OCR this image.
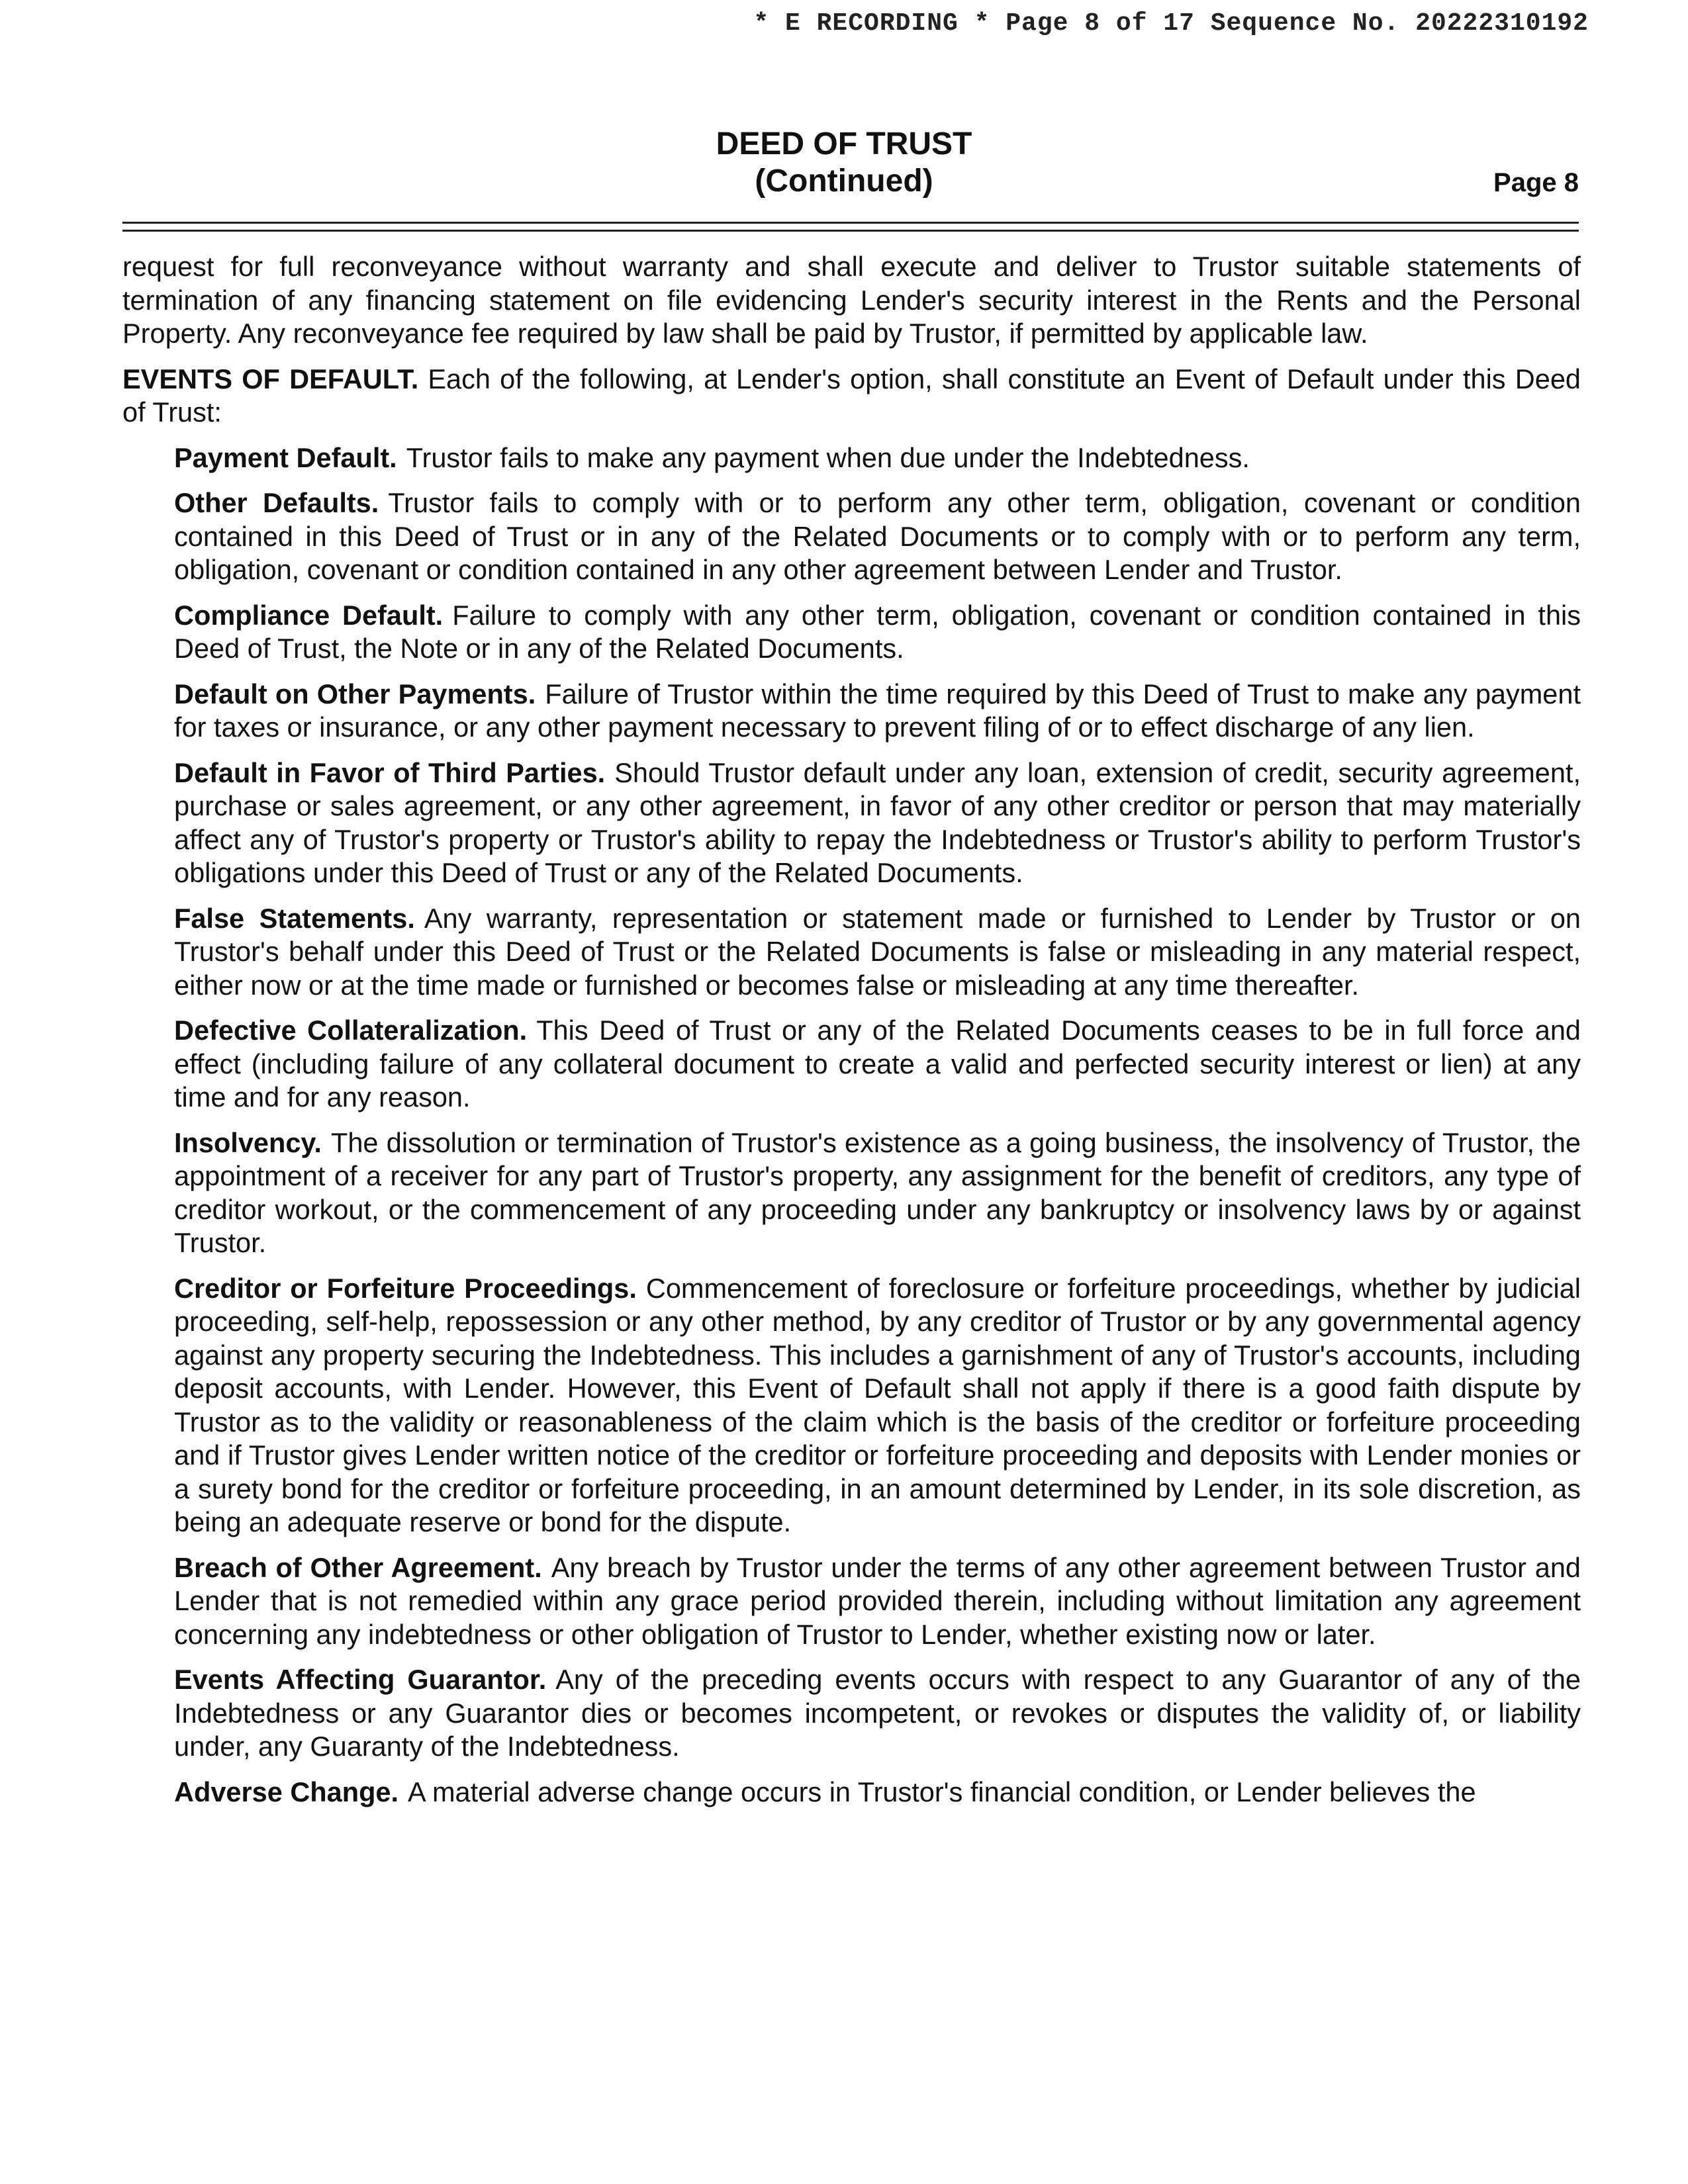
* E RECORDING * Page 8 of 17 Sequence No. 20222310192
DEED OF TRUST
(Continued)	Page 8

request for full reconveyance without warranty and shall execute and deliver to Trustor suitable statements of termination of any financing statement on file evidencing Lender's security interest in the Rents and the Personal Property. Any reconveyance fee required by law shall be paid by Trustor, if permitted by applicable law.

EVENTS OF DEFAULT. Each of the following, at Lender's option, shall constitute an Event of Default under this Deed of Trust:

Payment Default. Trustor fails to make any payment when due under the Indebtedness.

Other Defaults. Trustor fails to comply with or to perform any other term, obligation, covenant or condition contained in this Deed of Trust or in any of the Related Documents or to comply with or to perform any term, obligation, covenant or condition contained in any other agreement between Lender and Trustor.

Compliance Default. Failure to comply with any other term, obligation, covenant or condition contained in this Deed of Trust, the Note or in any of the Related Documents.

Default on Other Payments. Failure of Trustor within the time required by this Deed of Trust to make any payment for taxes or insurance, or any other payment necessary to prevent filing of or to effect discharge of any lien.

Default in Favor of Third Parties. Should Trustor default under any loan, extension of credit, security agreement, purchase or sales agreement, or any other agreement, in favor of any other creditor or person that may materially affect any of Trustor's property or Trustor's ability to repay the Indebtedness or Trustor's ability to perform Trustor's obligations under this Deed of Trust or any of the Related Documents.

False Statements. Any warranty, representation or statement made or furnished to Lender by Trustor or on Trustor's behalf under this Deed of Trust or the Related Documents is false or misleading in any material respect, either now or at the time made or furnished or becomes false or misleading at any time thereafter.

Defective Collateralization. This Deed of Trust or any of the Related Documents ceases to be in full force and effect (including failure of any collateral document to create a valid and perfected security interest or lien) at any time and for any reason.

Insolvency. The dissolution or termination of Trustor's existence as a going business, the insolvency of Trustor, the appointment of a receiver for any part of Trustor's property, any assignment for the benefit of creditors, any type of creditor workout, or the commencement of any proceeding under any bankruptcy or insolvency laws by or against Trustor.

Creditor or Forfeiture Proceedings. Commencement of foreclosure or forfeiture proceedings, whether by judicial proceeding, self-help, repossession or any other method, by any creditor of Trustor or by any governmental agency against any property securing the Indebtedness. This includes a garnishment of any of Trustor's accounts, including deposit accounts, with Lender. However, this Event of Default shall not apply if there is a good faith dispute by Trustor as to the validity or reasonableness of the claim which is the basis of the creditor or forfeiture proceeding and if Trustor gives Lender written notice of the creditor or forfeiture proceeding and deposits with Lender monies or a surety bond for the creditor or forfeiture proceeding, in an amount determined by Lender, in its sole discretion, as being an adequate reserve or bond for the dispute.

Breach of Other Agreement. Any breach by Trustor under the terms of any other agreement between Trustor and Lender that is not remedied within any grace period provided therein, including without limitation any agreement concerning any indebtedness or other obligation of Trustor to Lender, whether existing now or later.

Events Affecting Guarantor. Any of the preceding events occurs with respect to any Guarantor of any of the Indebtedness or any Guarantor dies or becomes incompetent, or revokes or disputes the validity of, or liability under, any Guaranty of the Indebtedness.

Adverse Change. A material adverse change occurs in Trustor's financial condition, or Lender believes the
